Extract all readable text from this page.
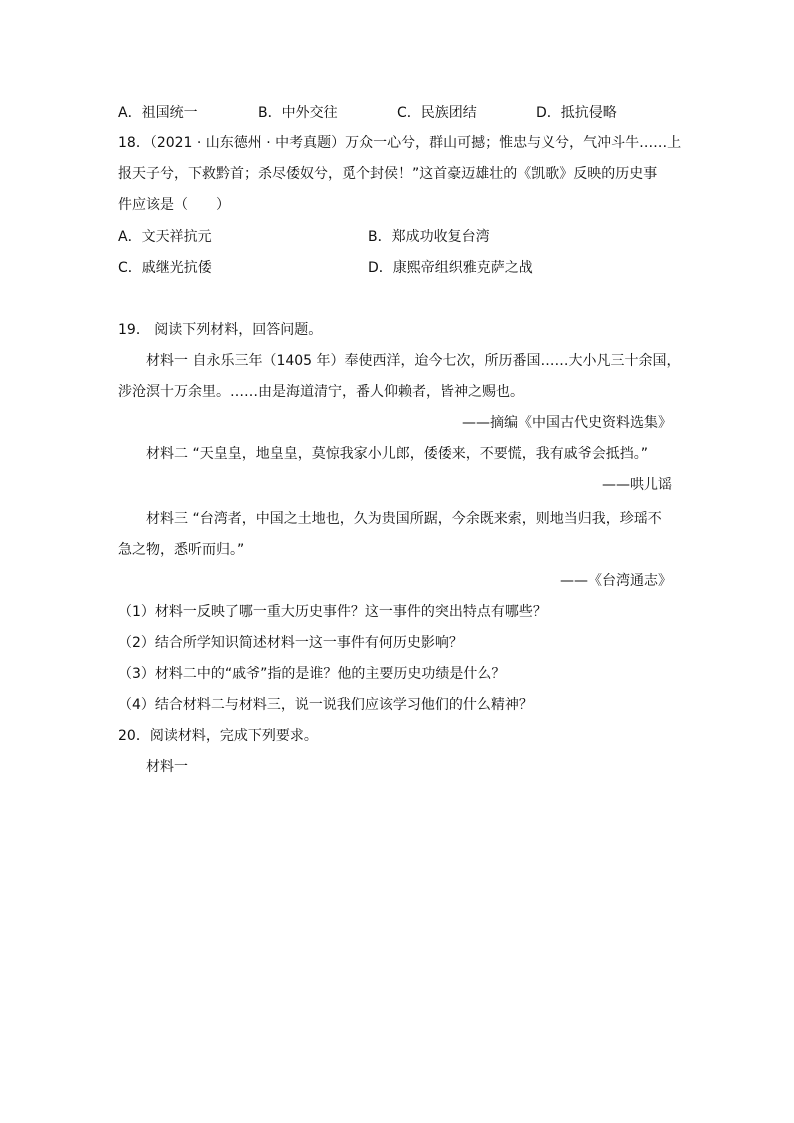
A．祖国统一	B．中外交往	C．民族团结	D．抵抗侵略
18．（2021 · 山东德州 · 中考真题）万众一心兮，群山可撼；惟忠与义兮，气冲斗牛……上
报天子兮，下救黔首；杀尽倭奴兮，觅个封侯！”这首豪迈雄壮的《凯歌》反映的历史事
件应该是（　　）
A．文天祥抗元	B．郑成功收复台湾
C．戚继光抗倭	D．康熙帝组织雅克萨之战
19． 阅读下列材料，回答问题。
材料一 自永乐三年（1405 年）奉使西洋，迨今七次，所历番国……大小凡三十余国，
涉沧溟十万余里。……由是海道清宁，番人仰赖者，皆神之赐也。
——摘编《中国古代史资料选集》
材料二 “天皇皇，地皇皇，莫惊我家小儿郎，倭倭来，不要慌，我有戚爷会抵挡。”
——哄儿谣
材料三 “台湾者，中国之土地也，久为贵国所踞，今余既来索，则地当归我，珍瑶不
急之物，悉听而归。”
——《台湾通志》
（1）材料一反映了哪一重大历史事件？这一事件的突出特点有哪些？
（2）结合所学知识简述材料一这一事件有何历史影响？
（3）材料二中的“戚爷”指的是谁？他的主要历史功绩是什么？
（4）结合材料二与材料三，说一说我们应该学习他们的什么精神？
20．阅读材料，完成下列要求。
材料一
